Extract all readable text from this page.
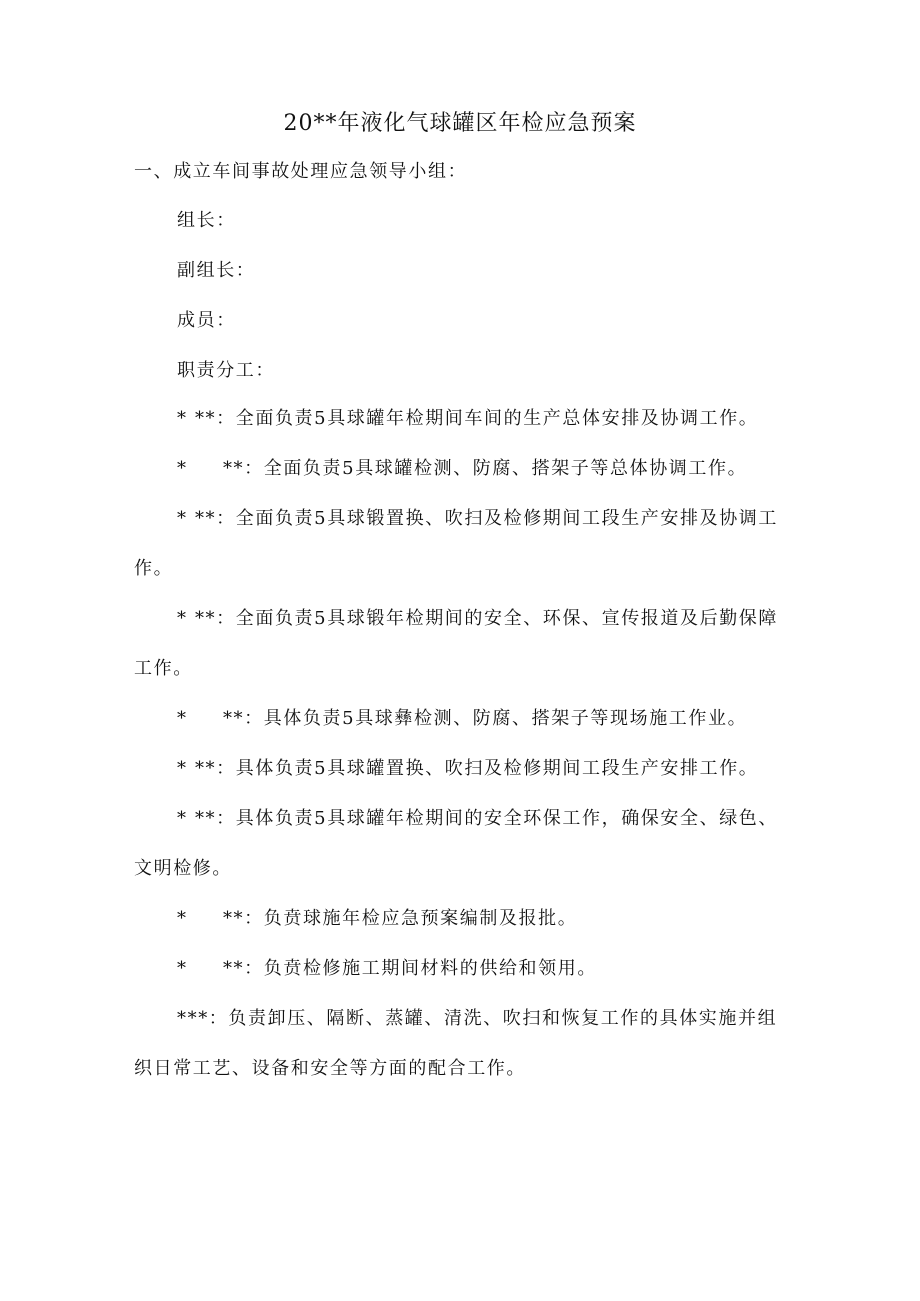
20**年液化气球罐区年检应急预案
一、成立车间事故处理应急领导小组：
组长：
副组长：
成员：
职责分工：
* **：全面负责5具球罐年检期间车间的生产总体安排及协调工作。
* **：全面负责5具球罐检测、防腐、搭架子等总体协调工作。
* **：全面负责5具球锻置换、吹扫及检修期间工段生产安排及协调工
作。
* **：全面负责5具球锻年检期间的安全、环保、宣传报道及后勤保障
工作。
* **：具体负责5具球彝检测、防腐、搭架子等现场施工作业。
* **：具体负责5具球罐置换、吹扫及检修期间工段生产安排工作。
* **：具体负责5具球罐年检期间的安全环保工作，确保安全、绿色、
文明检修。
* **：负贲球施年检应急预案编制及报批。
* **：负贲检修施工期间材料的供给和领用。
***：负责卸压、隔断、蒸罐、清洗、吹扫和恢复工作的具体实施并组
织日常工艺、设备和安全等方面的配合工作。
